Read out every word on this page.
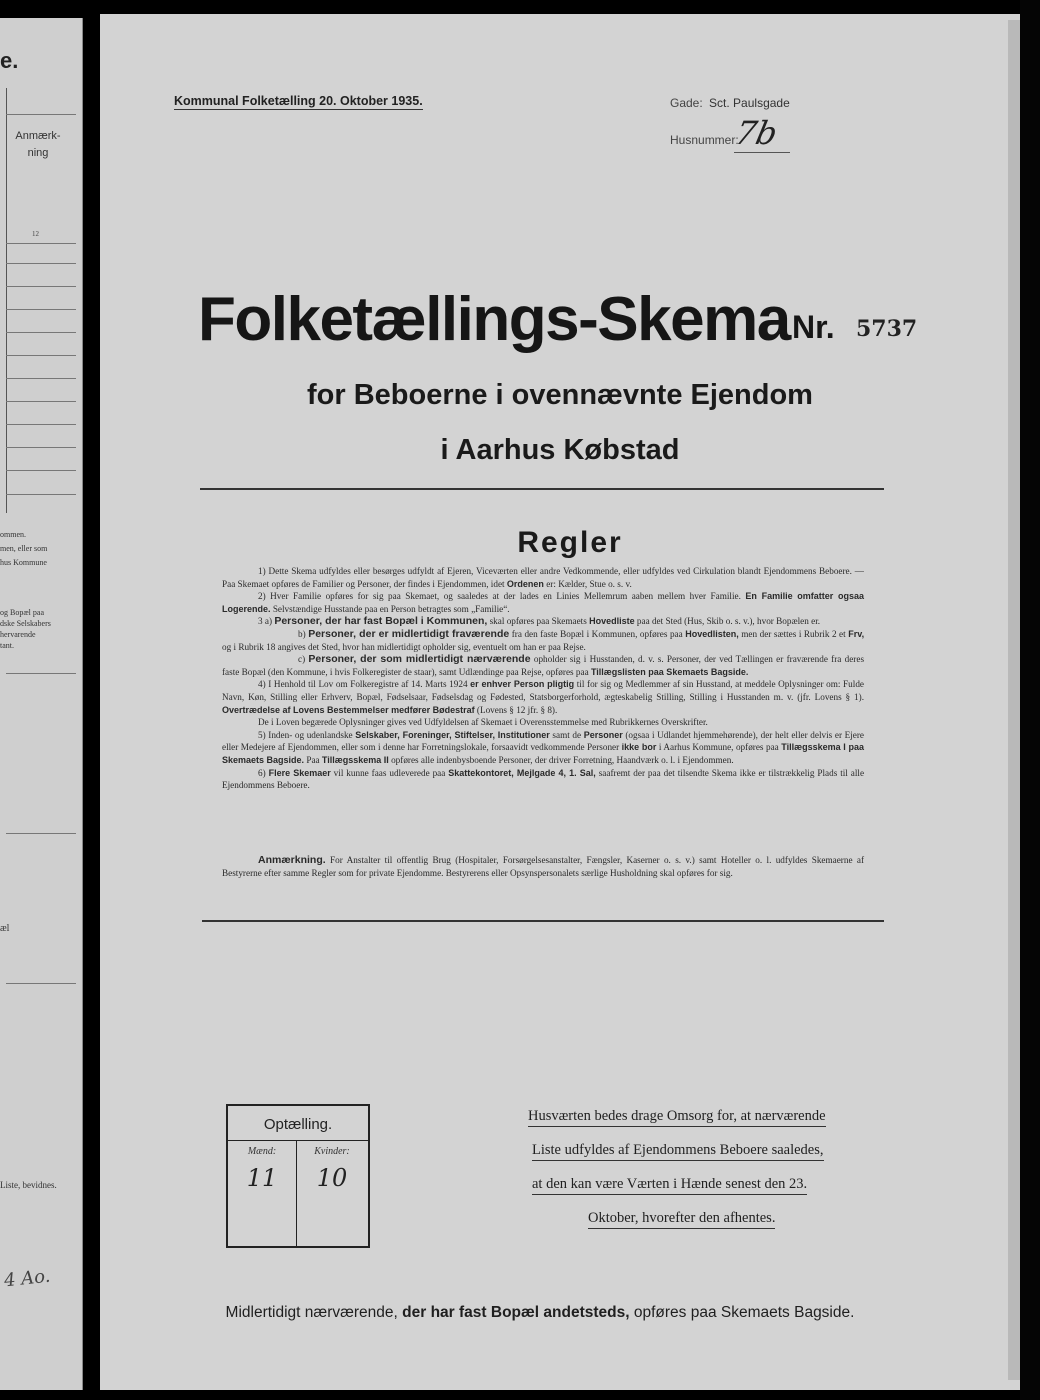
e.
Anmærk-ning
12
ommen.
men, eller som
hus Kommune
og Bopæl paa
dske Selskabers
hervarende
tant.
æl
Liste, bevidnes.
4 Ao.
Kommunal Folketælling 20. Oktober 1935.	Gade: Sct. Paulsgade
Husnummer:
7b
Folketællings-Skema Nr. 5737
for Beboerne i ovennævnte Ejendom
i Aarhus Købstad
Regler

1) Dette Skema udfyldes eller besørges udfyldt af Ejeren, Viceværten eller andre Vedkommende, eller udfyldes ved Cirkulation blandt Ejendommens Beboere. — Paa Skemaet opføres de Familier og Personer, der findes i Ejendommen, idet Ordenen er: Kælder, Stue o. s. v.

2) Hver Familie opføres for sig paa Skemaet, og saaledes at der lades en Linies Mellemrum aaben mellem hver Familie. En Familie omfatter ogsaa Logerende. Selvstændige Husstande paa en Person betragtes som „Familie“.

3 a) Personer, der har fast Bopæl i Kommunen, skal opføres paa Skemaets Hovedliste paa det Sted (Hus, Skib o. s. v.), hvor Bopælen er.

b) Personer, der er midlertidigt fraværende fra den faste Bopæl i Kommunen, opføres paa Hovedlisten, men der sættes i Rubrik 2 et Frv, og i Rubrik 18 angives det Sted, hvor han midlertidigt opholder sig, eventuelt om han er paa Rejse.

c) Personer, der som midlertidigt nærværende opholder sig i Husstanden, d. v. s. Personer, der ved Tællingen er fraværende fra deres faste Bopæl (den Kommune, i hvis Folkeregister de staar), samt Udlændinge paa Rejse, opføres paa Tillægslisten paa Skemaets Bagside.

4) I Henhold til Lov om Folkeregistre af 14. Marts 1924 er enhver Person pligtig til for sig og Medlemmer af sin Husstand, at meddele Oplysninger om: Fulde Navn, Køn, Stilling eller Erhverv, Bopæl, Fødselsaar, Fødselsdag og Fødested, Statsborgerforhold, ægteskabelig Stilling, Stilling i Husstanden m. v. (jfr. Lovens § 1). Overtrædelse af Lovens Bestemmelser medfører Bødestraf (Lovens § 12 jfr. § 8).

De i Loven begærede Oplysninger gives ved Udfyldelsen af Skemaet i Overensstemmelse med Rubrikkernes Overskrifter.

5) Inden- og udenlandske Selskaber, Foreninger, Stiftelser, Institutioner samt de Personer (ogsaa i Udlandet hjemmehørende), der helt eller delvis er Ejere eller Medejere af Ejendommen, eller som i denne har Forretningslokale, forsaavidt vedkommende Personer ikke bor i Aarhus Kommune, opføres paa Tillægsskema I paa Skemaets Bagside. Paa Tillægsskema II opføres alle indenbysboende Personer, der driver Forretning, Haandværk o. l. i Ejendommen.

6) Flere Skemaer vil kunne faas udleverede paa Skattekontoret, Mejlgade 4, 1. Sal, saafremt der paa det tilsendte Skema ikke er tilstrækkelig Plads til alle Ejendommens Beboere.

Anmærkning. For Anstalter til offentlig Brug (Hospitaler, Forsørgelsesanstalter, Fængsler, Kaserner o. s. v.) samt Hoteller o. l. udfyldes Skemaerne af Bestyrerne efter samme Regler som for private Ejendomme. Bestyrerens eller Opsynspersonalets særlige Husholdning skal opføres for sig.

Optælling.
Mænd:	Kvinder:
11	10
Husværten bedes drage Omsorg for, at nærværende
Liste udfyldes af Ejendommens Beboere saaledes,
at den kan være Værten i Hænde senest den 23.
Oktober, hvorefter den afhentes.
Midlertidigt nærværende, der har fast Bopæl andetsteds, opføres paa Skemaets Bagside.
